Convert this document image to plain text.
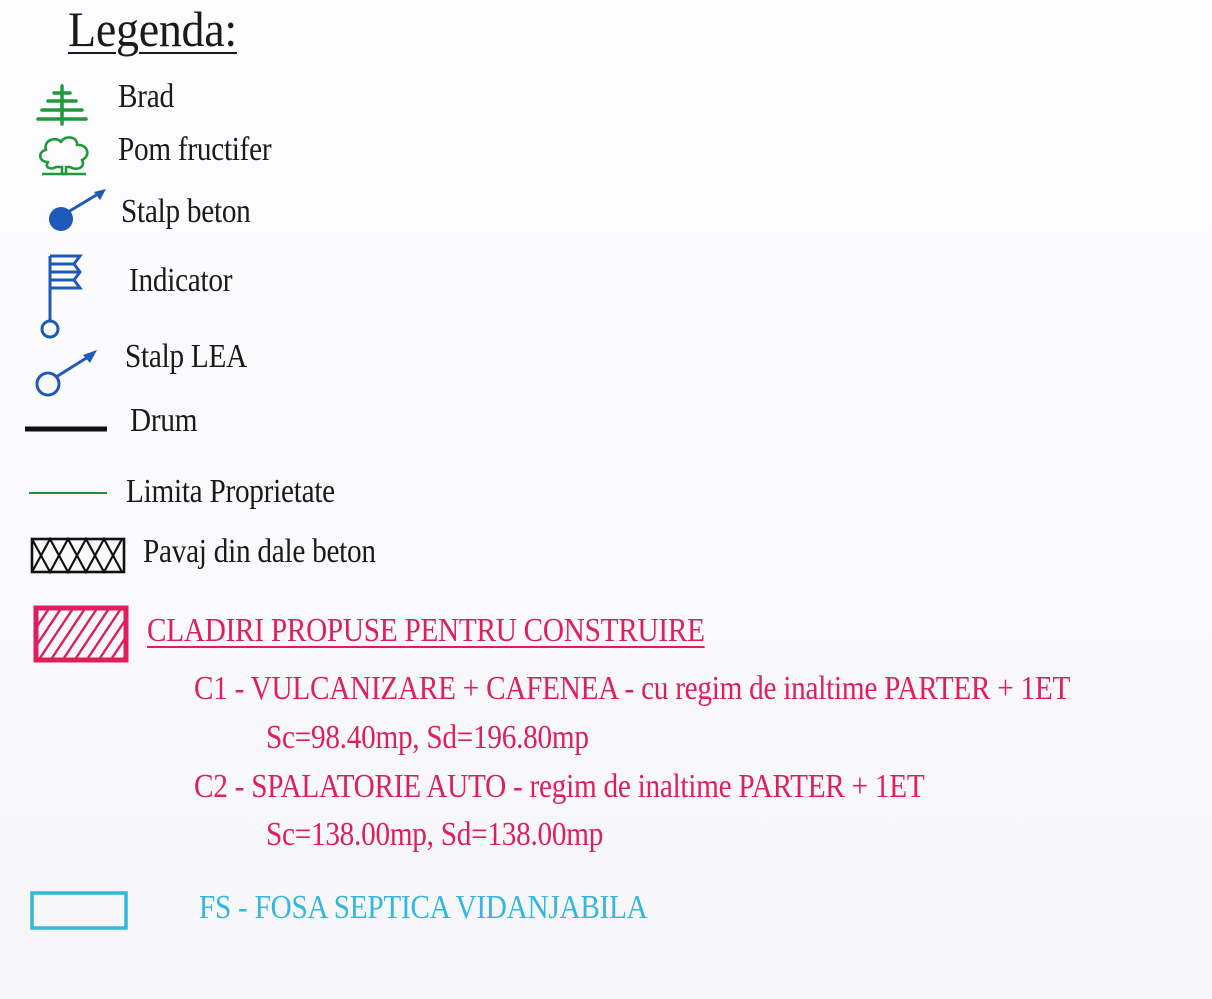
Legenda:
Brad
Pom fructifer
Stalp beton
Indicator
Stalp LEA
Drum
Limita Proprietate
Pavaj din dale beton
CLADIRI PROPUSE PENTRU CONSTRUIRE
C1 - VULCANIZARE + CAFENEA - cu regim de inaltime PARTER + 1ET
Sc=98.40mp, Sd=196.80mp
C2 - SPALATORIE AUTO - regim de inaltime PARTER + 1ET
Sc=138.00mp, Sd=138.00mp
FS - FOSA SEPTICA VIDANJABILA
